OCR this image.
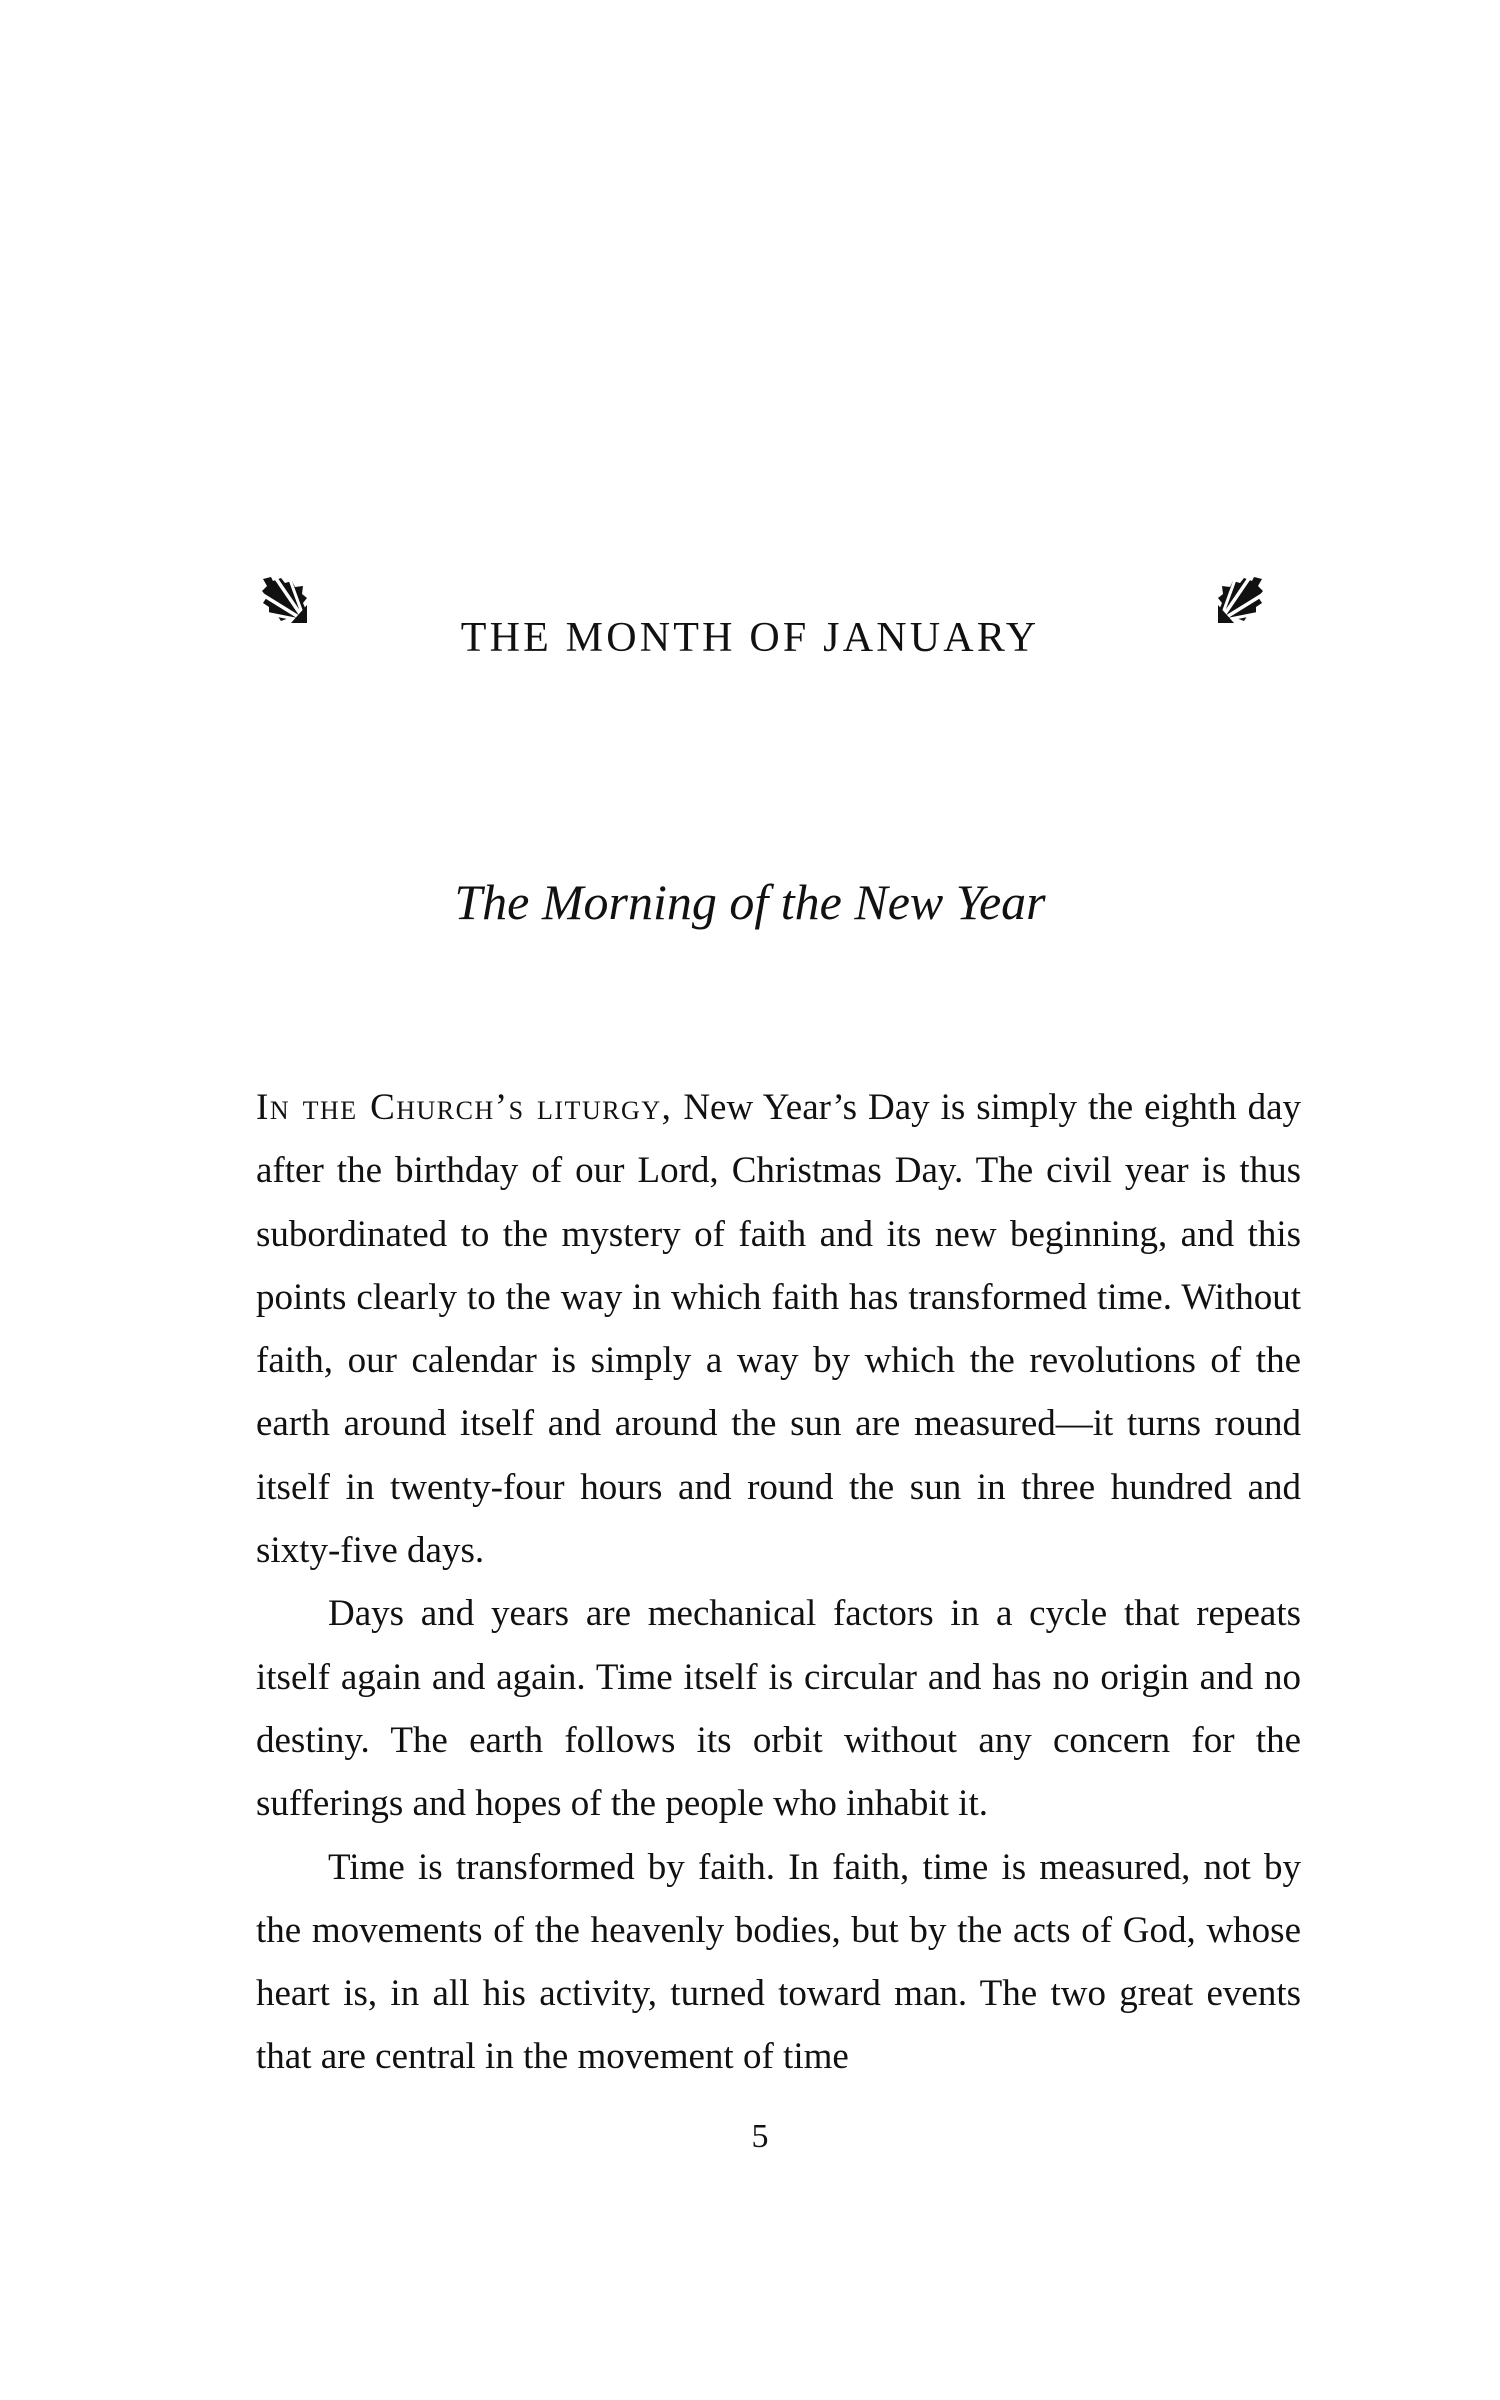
THE MONTH OF JANUARY
The Morning of the New Year

In the Church’s liturgy, New Year’s Day is simply the eighth day after the birthday of our Lord, Christmas Day. The civil year is thus subordinated to the mystery of faith and its new beginning, and this points clearly to the way in which faith has transformed time. Without faith, our calendar is simply a way by which the revolutions of the earth around itself and around the sun are measured—it turns round itself in twenty-four hours and round the sun in three hundred and sixty-five days.

Days and years are mechanical factors in a cycle that repeats itself again and again. Time itself is circular and has no origin and no destiny. The earth follows its orbit without any concern for the sufferings and hopes of the people who inhabit it.

Time is transformed by faith. In faith, time is measured, not by the movements of the heavenly bodies, but by the acts of God, whose heart is, in all his activity, turned toward man. The two great events that are central in the movement of time

5
